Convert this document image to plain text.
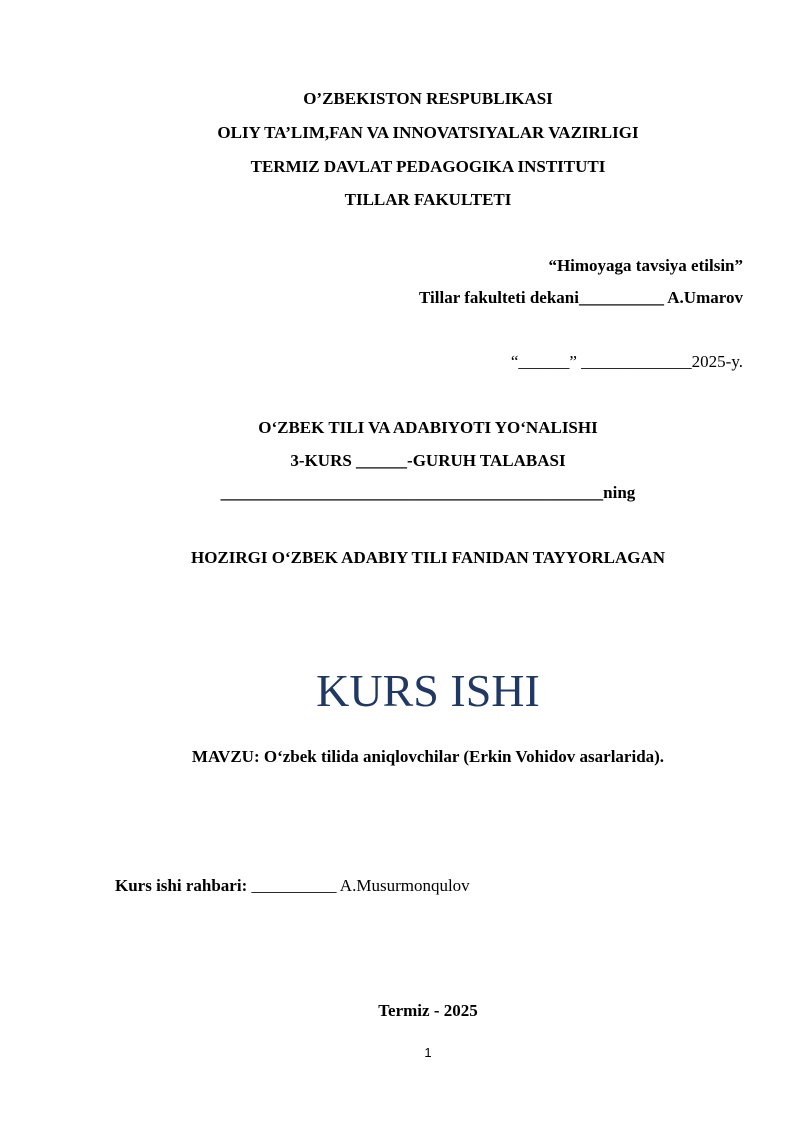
O’ZBEKISTON RESPUBLIKASI
OLIY TA’LIM,FAN VA INNOVATSIYALAR VAZIRLIGI
TERMIZ DAVLAT PEDAGOGIKA INSTITUTI
TILLAR FAKULTETI
“Himoyaga tavsiya etilsin”
Tillar fakulteti dekani__________ A.Umarov
“______” _____________2025-y.
O‘ZBEK TILI VA ADABIYOTI YO‘NALISHI
3-KURS ______-GURUH TALABASI
_____________________________________________ning
HOZIRGI O‘ZBEK ADABIY TILI FANIDAN TAYYORLAGAN
KURS ISHI
MAVZU: O‘zbek tilida aniqlovchilar (Erkin Vohidov asarlarida).
Kurs ishi rahbari: __________ A.Musurmonqulov
Termiz - 2025
1
